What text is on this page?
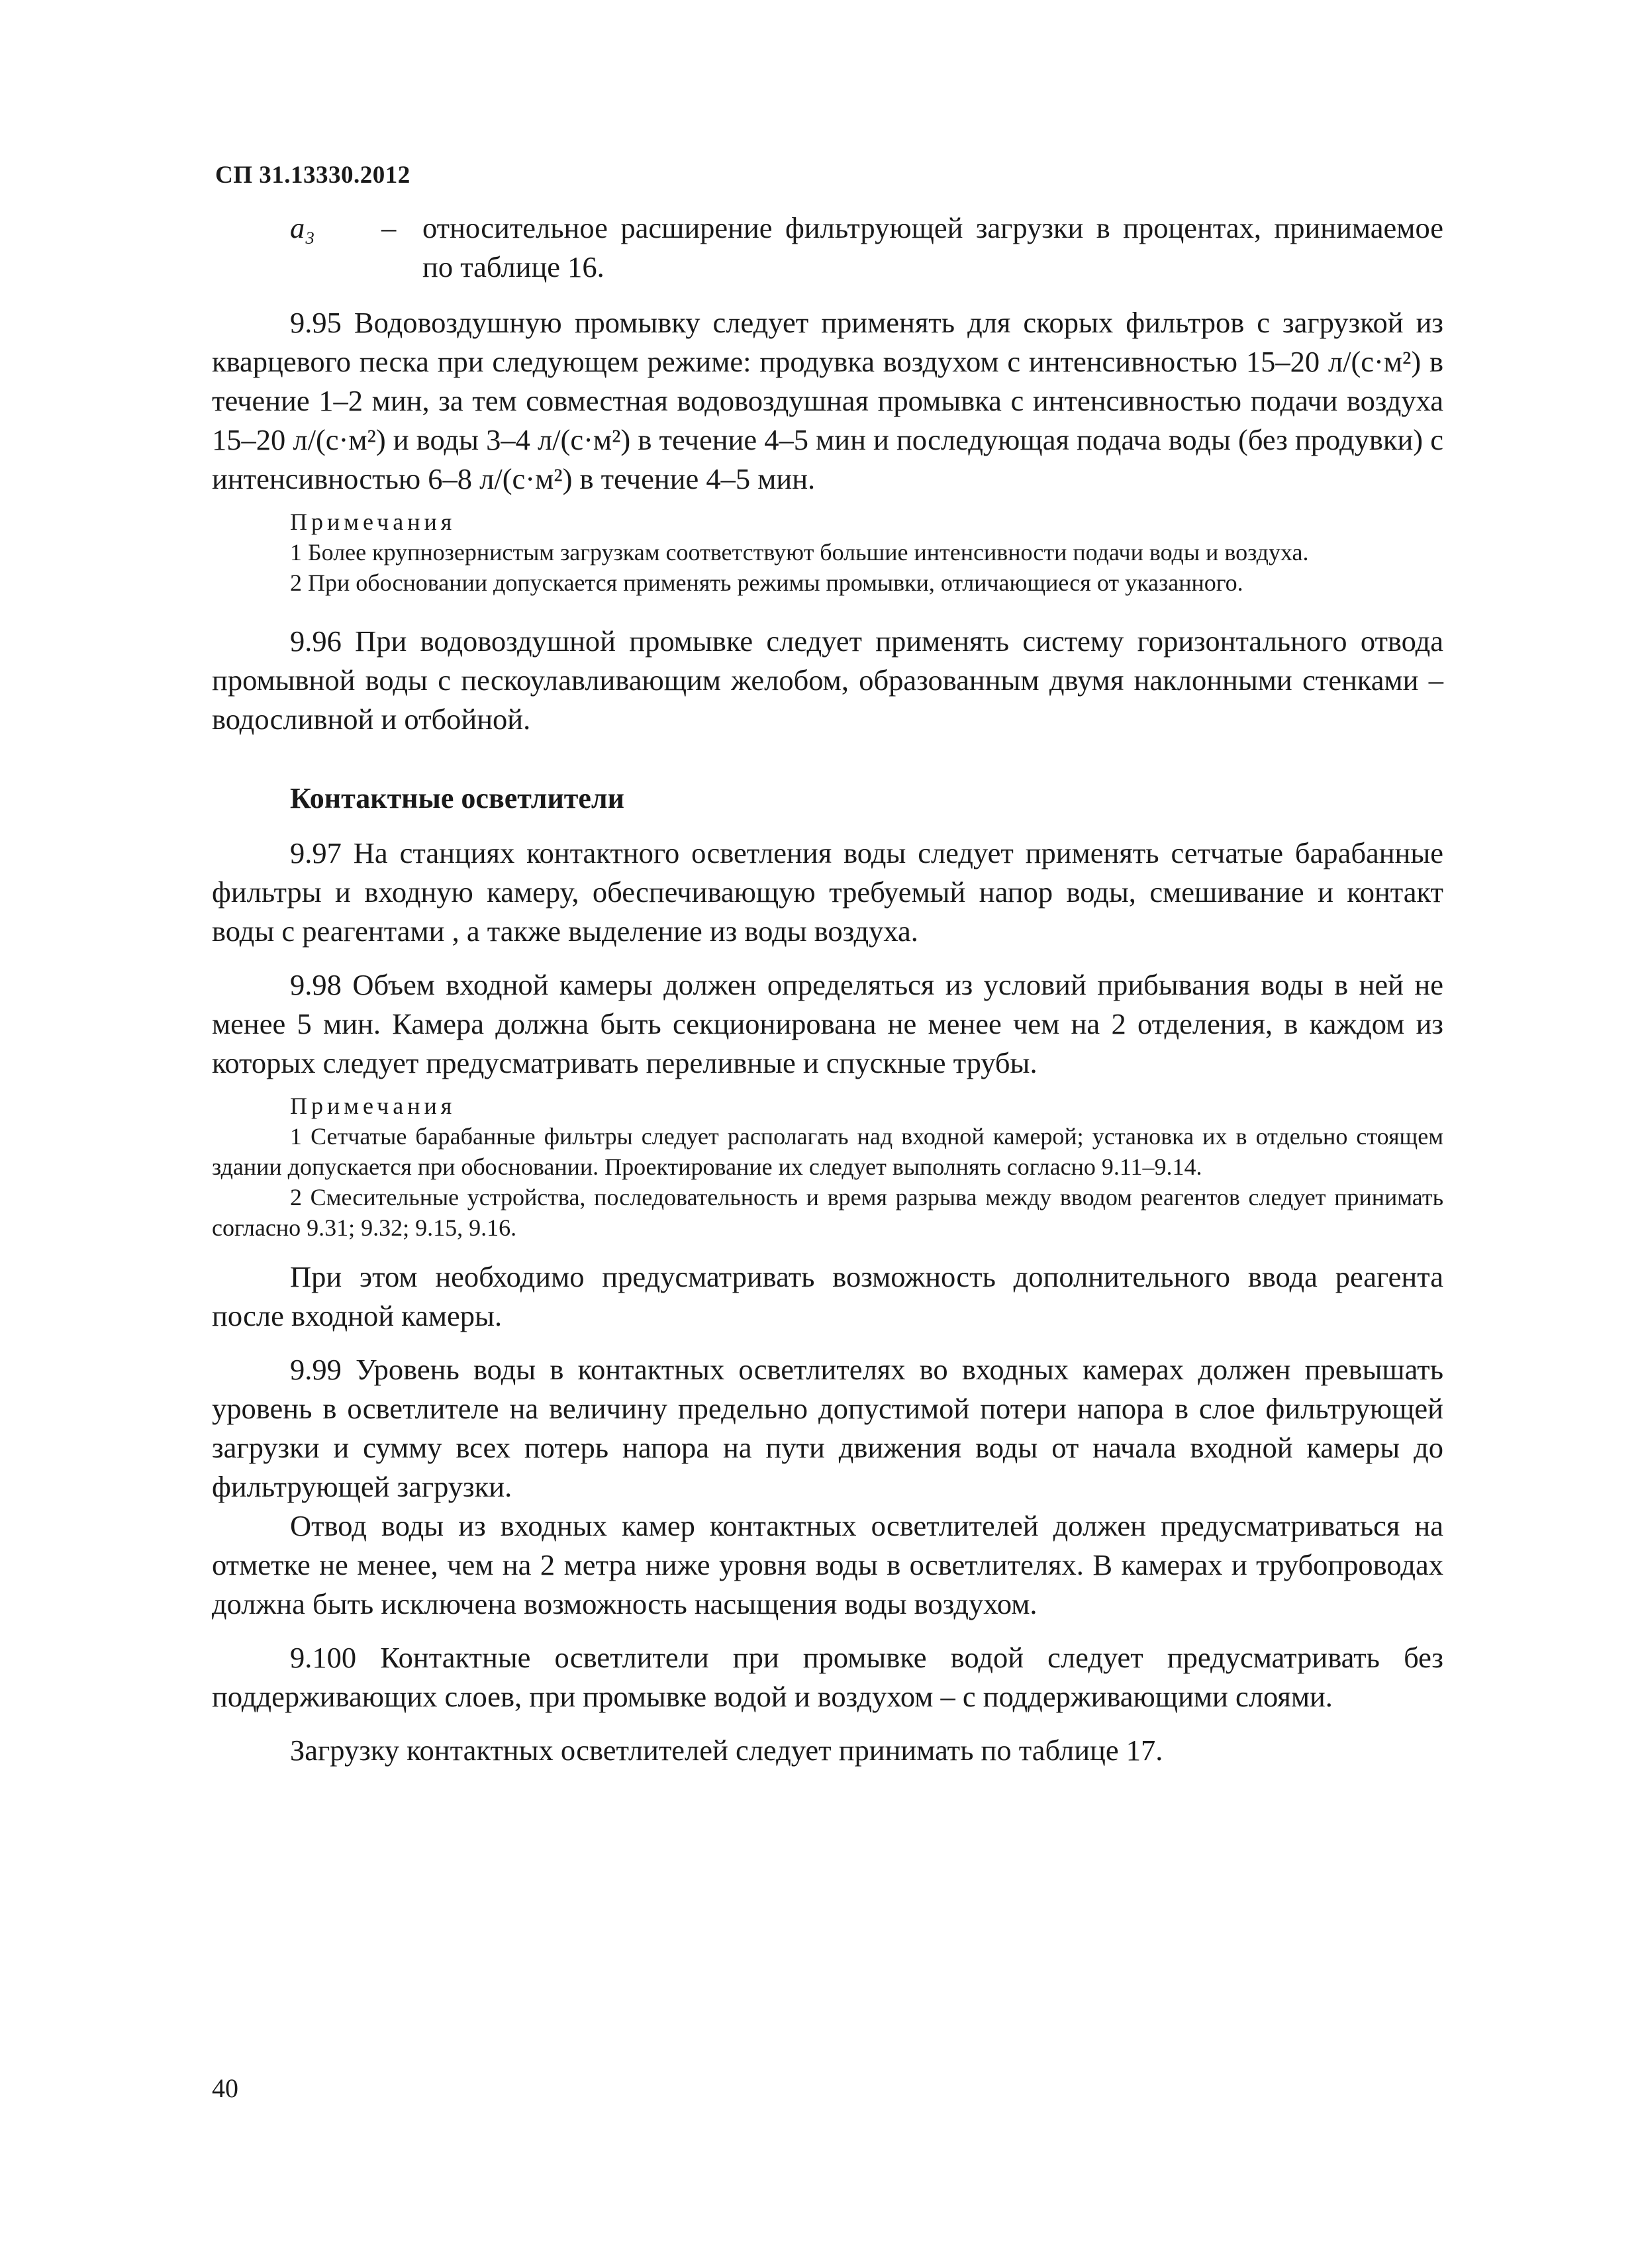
СП 31.13330.2012
а₃	– относительное расширение фильтрующей загрузки в процентах, принимаемое по таблице 16.

9.95 Водовоздушную промывку следует применять для скорых фильтров с загрузкой из кварцевого песка при следующем режиме: продувка воздухом с интенсивностью 15–20 л/(с·м²) в течение 1–2 мин, за тем совместная водовоздушная промывка с интенсивностью подачи воздуха 15–20 л/(с·м²) и воды 3–4 л/(с·м²) в течение 4–5 мин и последующая подача воды (без продувки) с интенсивностью 6–8 л/(с·м²) в течение 4–5 мин.

Примечания

1 Более крупнозернистым загрузкам соответствуют большие интенсивности подачи воды и воздуха.

2 При обосновании допускается применять режимы промывки, отличающиеся от указанного.

9.96 При водовоздушной промывке следует применять систему горизонтального отвода промывной воды с пескоулавливающим желобом, образованным двумя наклонными стенками – водосливной и отбойной.

Контактные осветлители

9.97 На станциях контактного осветления воды следует применять сетчатые барабанные фильтры и входную камеру, обеспечивающую требуемый напор воды, смешивание и контакт воды с реагентами , а также выделение из воды воздуха.

9.98 Объем входной камеры должен определяться из условий прибывания воды в ней не менее 5 мин. Камера должна быть секционирована не менее чем на 2 отделения, в каждом из которых следует предусматривать переливные и спускные трубы.

Примечания

1 Сетчатые барабанные фильтры следует располагать над входной камерой; установка их в отдельно стоящем здании допускается при обосновании. Проектирование их следует выполнять согласно 9.11–9.14.

2 Смесительные устройства, последовательность и время разрыва между вводом реагентов следует принимать согласно 9.31; 9.32; 9.15, 9.16.

При этом необходимо предусматривать возможность дополнительного ввода реагента после входной камеры.

9.99 Уровень воды в контактных осветлителях во входных камерах должен превышать уровень в осветлителе на величину предельно допустимой потери напора в слое фильтрующей загрузки и сумму всех потерь напора на пути движения воды от начала входной камеры до фильтрующей загрузки.

Отвод воды из входных камер контактных осветлителей должен предусматриваться на отметке не менее, чем на 2 метра ниже уровня воды в осветлителях. В камерах и трубопроводах должна быть исключена возможность насыщения воды воздухом.

9.100 Контактные осветлители при промывке водой следует предусматривать без поддерживающих слоев, при промывке водой и воздухом – с поддерживающими слоями.

Загрузку контактных осветлителей следует принимать по таблице 17.

40
